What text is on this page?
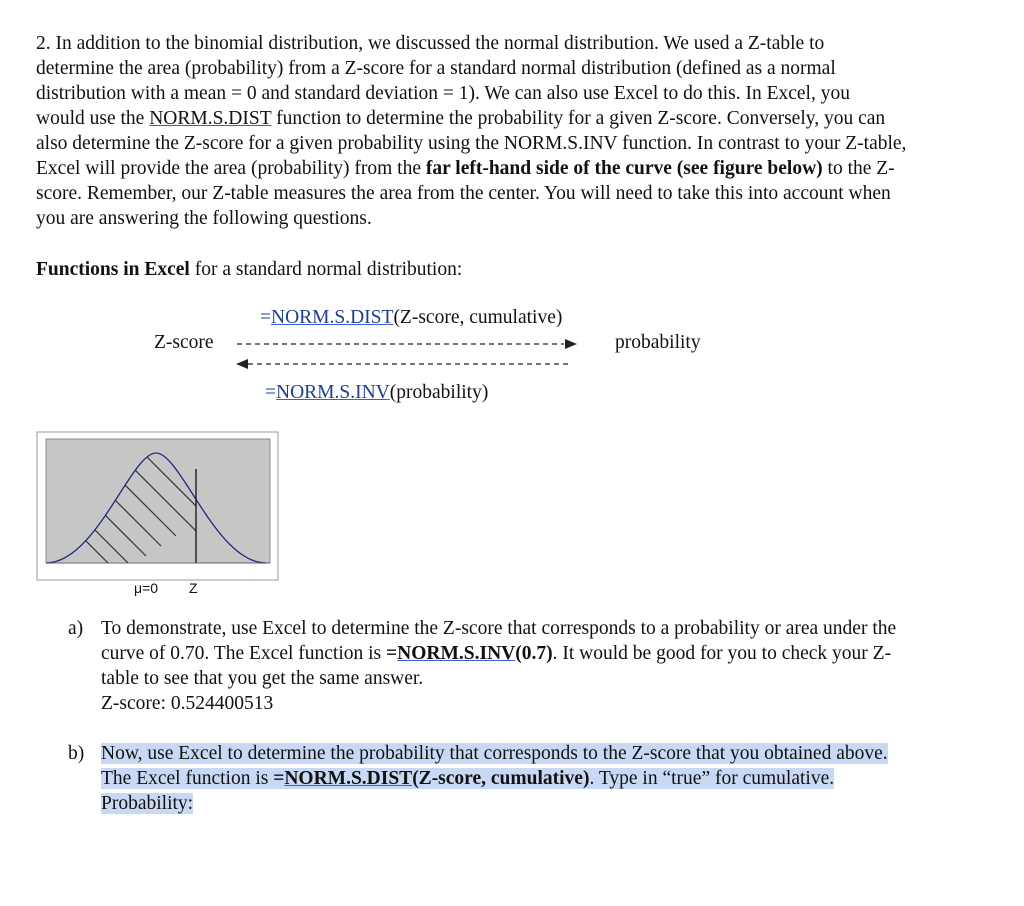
2. In addition to the binomial distribution, we discussed the normal distribution. We used a Z-table to
determine the area (probability) from a Z-score for a standard normal distribution (defined as a normal
distribution with a mean = 0 and standard deviation = 1). We can also use Excel to do this. In Excel, you
would use the NORM.S.DIST function to determine the probability for a given Z-score. Conversely, you can
also determine the Z-score for a given probability using the NORM.S.INV function. In contrast to your Z-table,
Excel will provide the area (probability) from the far left-hand side of the curve (see figure below) to the Z-
score. Remember, our Z-table measures the area from the center. You will need to take this into account when
you are answering the following questions.
Functions in Excel for a standard normal distribution:
=NORM.S.DIST(Z-score, cumulative)
Z-score	probability
=NORM.S.INV(probability)
μ=0 Z
a) To demonstrate, use Excel to determine the Z-score that corresponds to a probability or area under the
curve of 0.70. The Excel function is =NORM.S.INV(0.7). It would be good for you to check your Z-
table to see that you get the same answer.
Z-score: 0.524400513
b) Now, use Excel to determine the probability that corresponds to the Z-score that you obtained above.
The Excel function is =NORM.S.DIST(Z-score, cumulative). Type in “true” for cumulative.
Probability:
